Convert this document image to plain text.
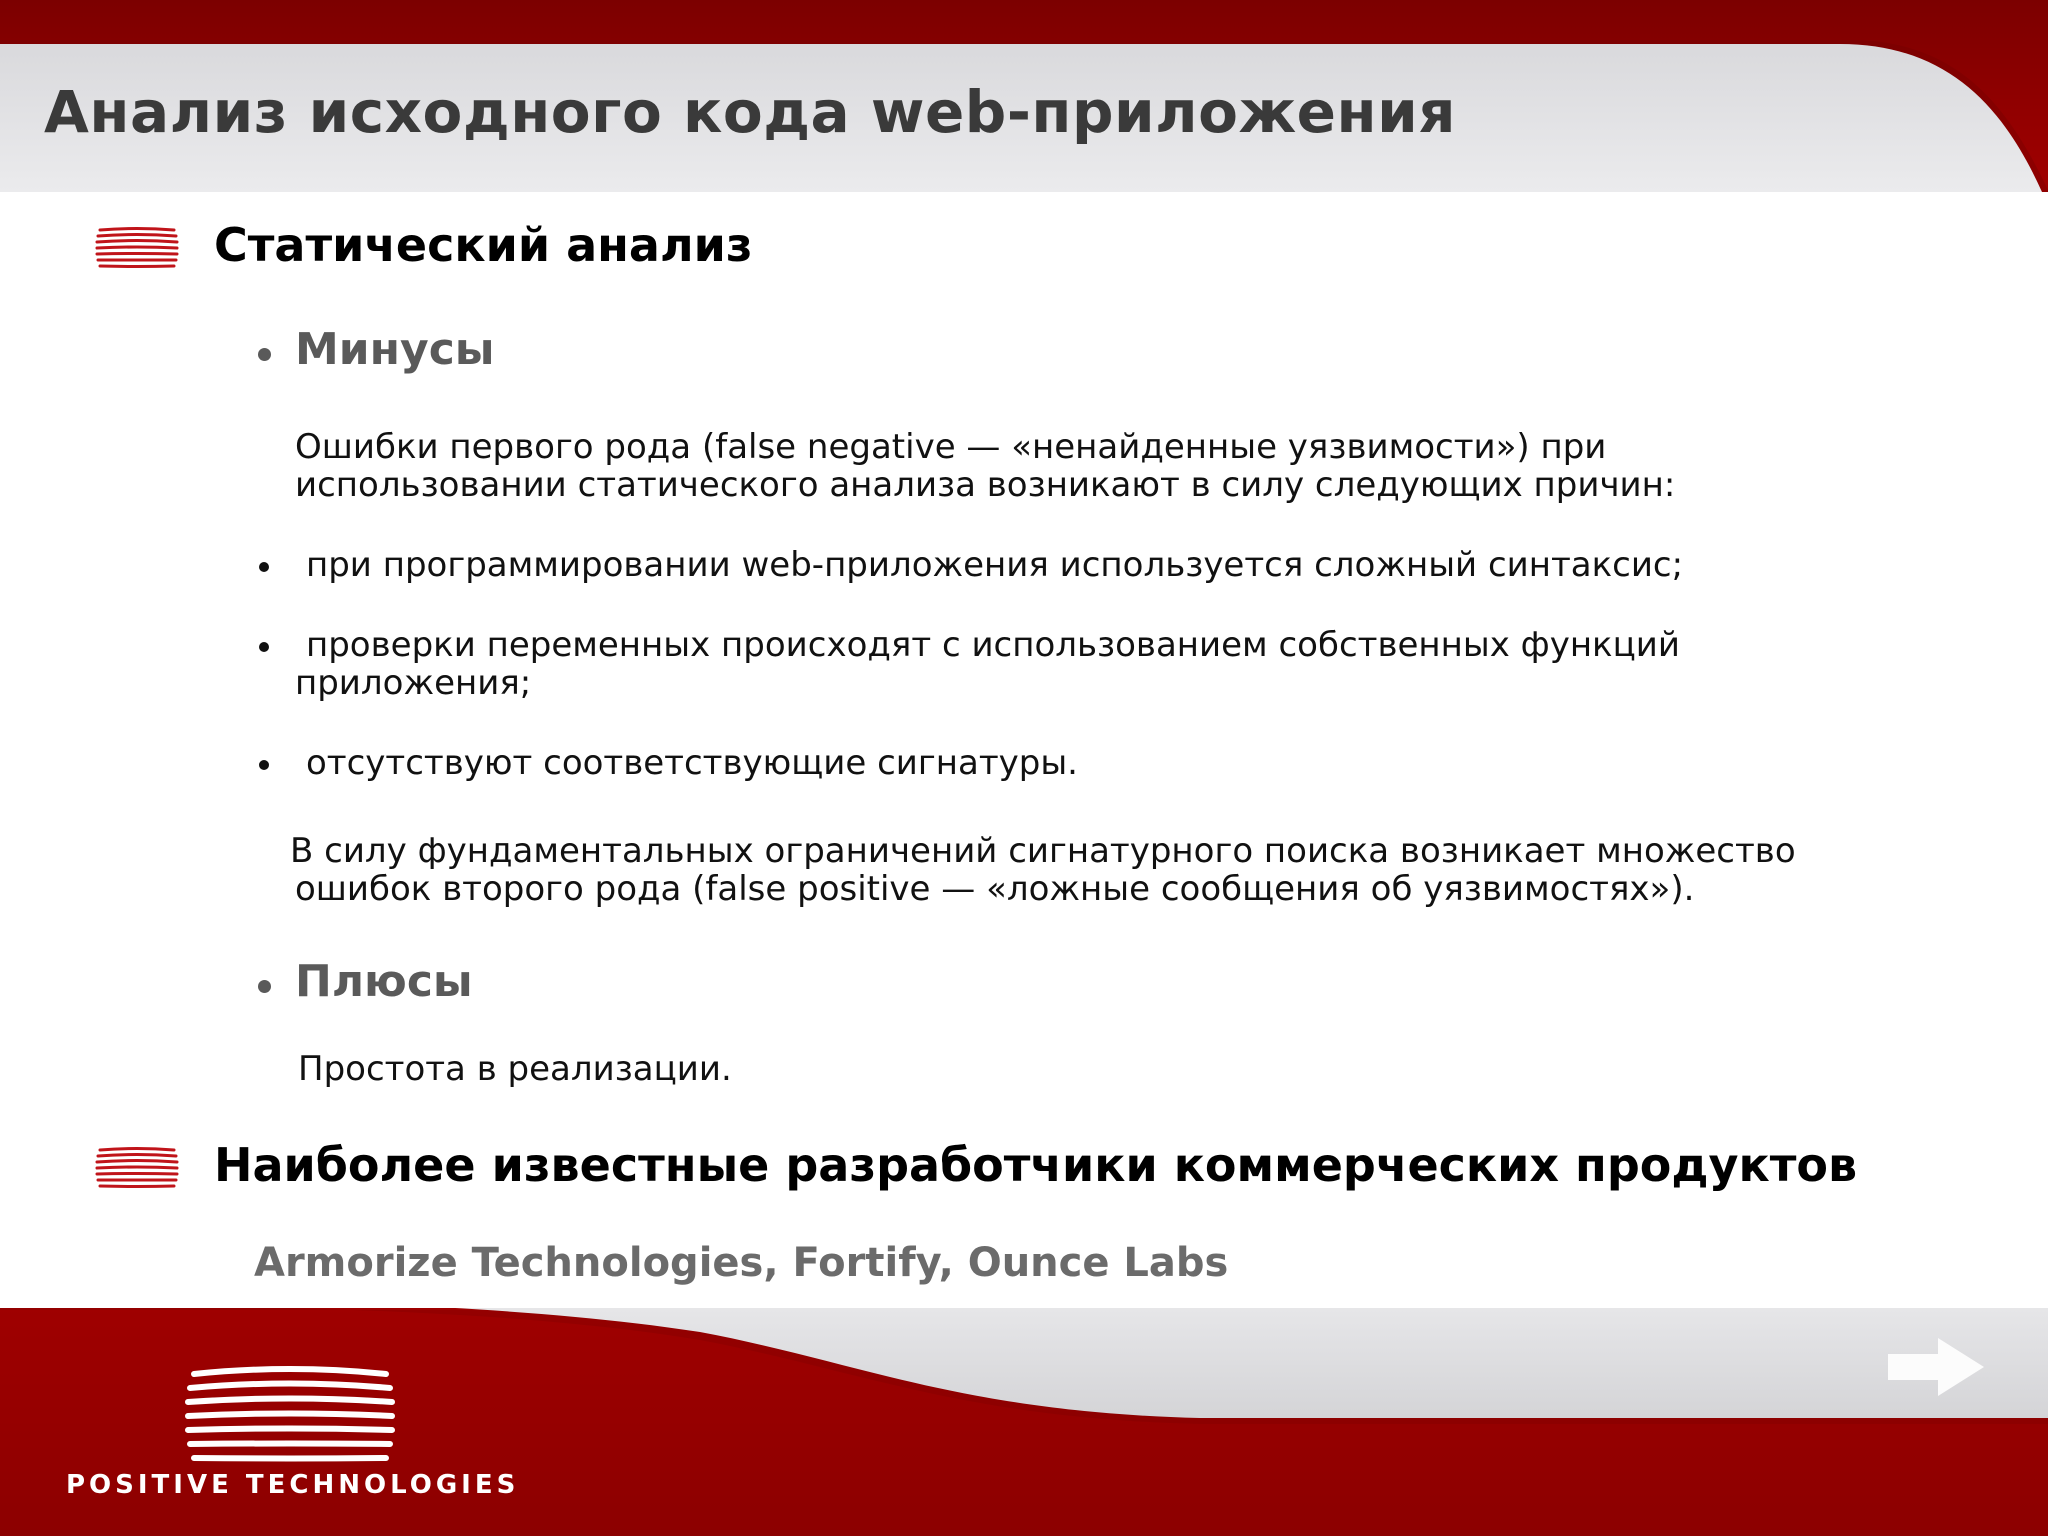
Анализ исходного кода web-приложения
Статический анализ
Минусы

Ошибки первого рода (false negative — «ненайденные уязвимости») при
использовании статического анализа возникают в силу следующих причин:

при программировании web-приложения используется сложный синтаксис;

проверки переменных происходят с использованием собственных функций

приложения;

отсутствуют соответствующие сигнатуры.

В силу фундаментальных ограничений сигнатурного поиска возникает множество

ошибок второго рода (false positive — «ложные сообщения об уязвимостях»).

Плюсы

Простота в реализации.

Наиболее известные разработчики коммерческих продуктов

Armorize Technologies, Fortify, Ounce Labs

POSITIVE TECHNOLOGIES
